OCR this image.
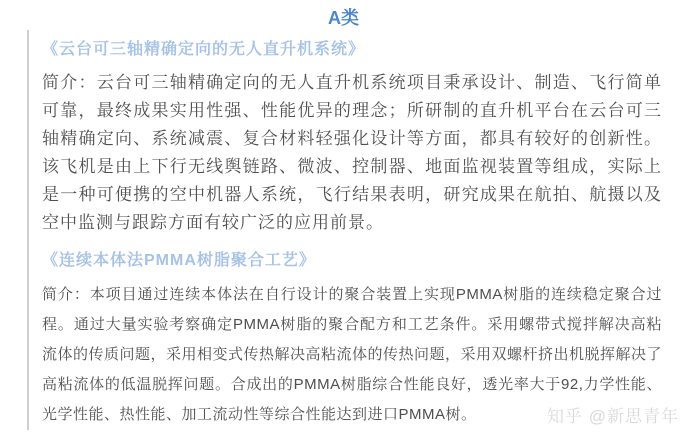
A类
《云台可三轴精确定向的无人直升机系统》

简介：云台可三轴精确定向的无人直升机系统项目秉承设计、制造、飞行简单可靠，最终成果实用性强、性能优异的理念；所研制的直升机平台在云台可三轴精确定向、系统减震、复合材料轻强化设计等方面，都具有较好的创新性。该飞机是由上下行无线舆链路、微波、控制器、地面监视装置等组成，实际上是一种可便携的空中机器人系统，飞行结果表明，研究成果在航拍、航摄以及空中监测与跟踪方面有较广泛的应用前景。

《连续本体法PMMA树脂聚合工艺》

简介：本项目通过连续本体法在自行设计的聚合装置上实现PMMA树脂的连续稳定聚合过程。通过大量实验考察确定PMMA树脂的聚合配方和工艺条件。采用螺带式搅拌解决高粘流体的传质问题，采用相变式传热解决高粘流体的传热问题，采用双螺杆挤出机脱挥解决了高粘流体的低温脱挥问题。合成出的PMMA树脂综合性能良好，透光率大于92,力学性能、光学性能、热性能、加工流动性等综合性能达到进口PMMA树。	知乎 @新思青年
